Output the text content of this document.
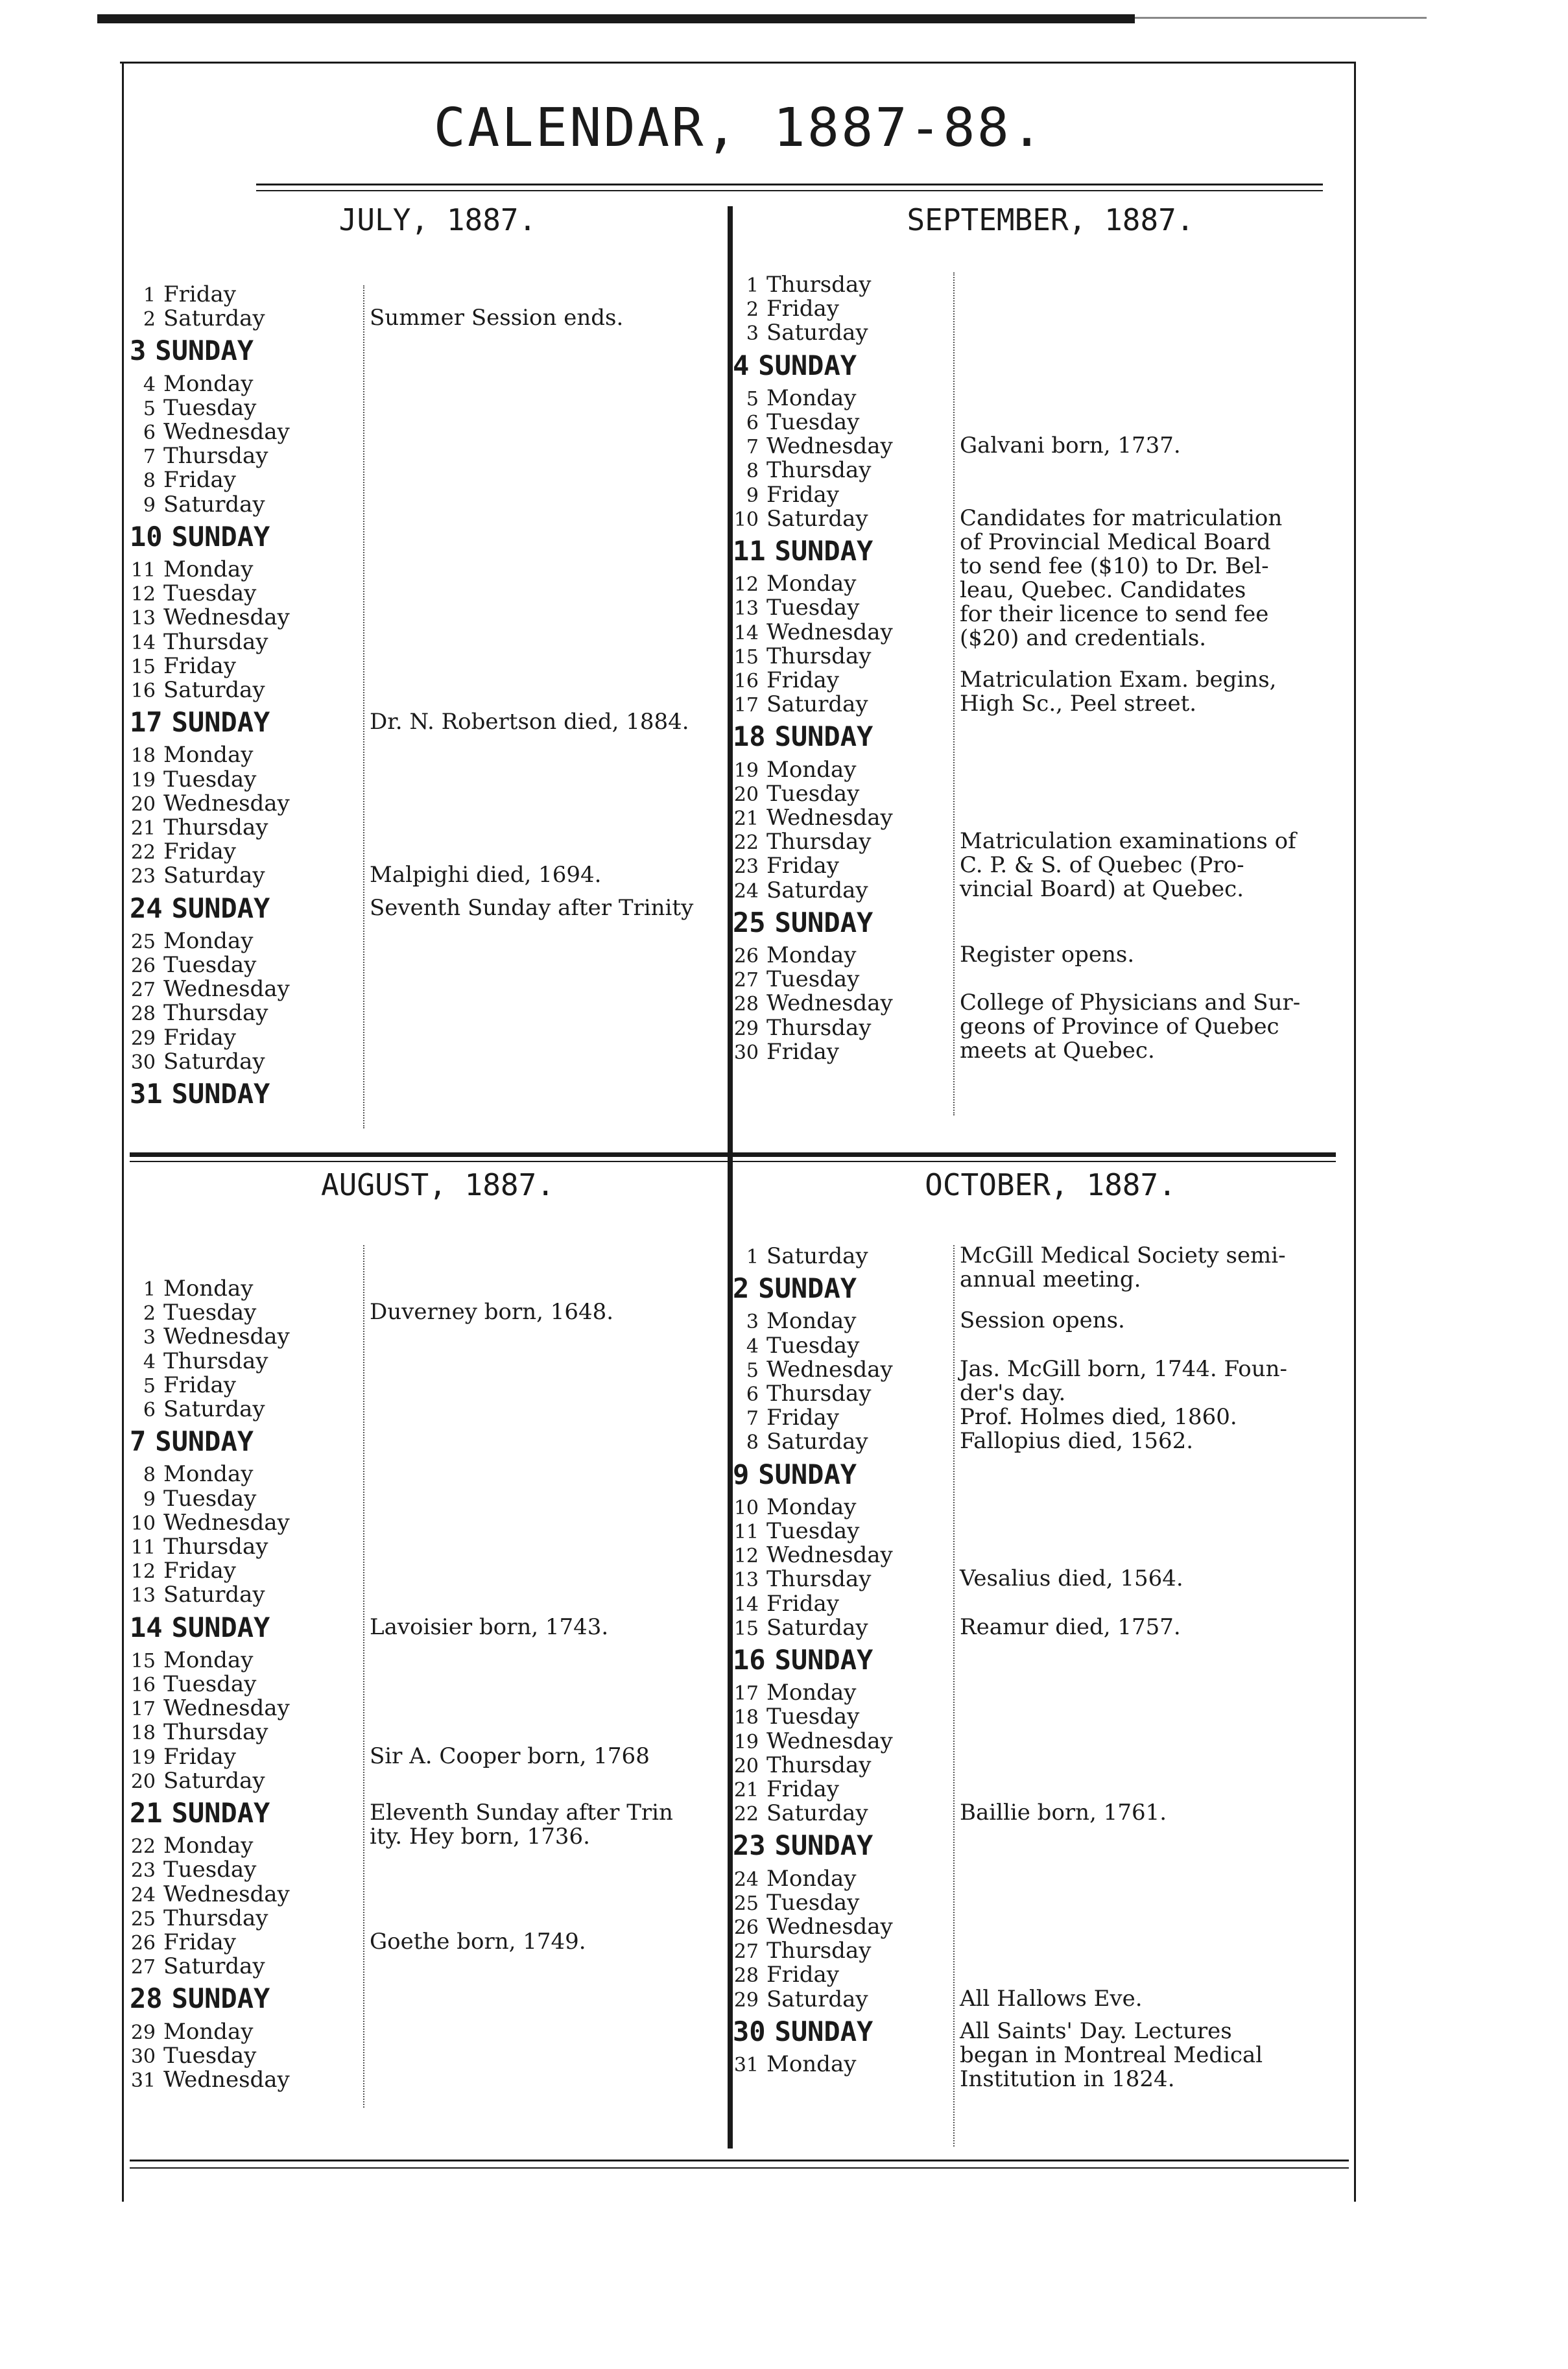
CALENDAR, 1887-88.
JULY, 1887.
1 Friday
2 Saturday
3 SUNDAY
4 Monday
5 Tuesday
6 Wednesday
7 Thursday
8 Friday
9 Saturday
10 SUNDAY
11 Monday
12 Tuesday
13 Wednesday
14 Thursday
15 Friday
16 Saturday
17 SUNDAY
18 Monday
19 Tuesday
20 Wednesday
21 Thursday
22 Friday
23 Saturday
24 SUNDAY
25 Monday
26 Tuesday
27 Wednesday
28 Thursday
29 Friday
30 Saturday
31 SUNDAY
SEPTEMBER, 1887.
1 Thursday
2 Friday
3 Saturday
4 SUNDAY
5 Monday
6 Tuesday
7 Wednesday
8 Thursday
9 Friday
10 Saturday
11 SUNDAY
12 Monday
13 Tuesday
14 Wednesday
15 Thursday
16 Friday
17 Saturday
18 SUNDAY
19 Monday
20 Tuesday
21 Wednesday
22 Thursday
23 Friday
24 Saturday
25 SUNDAY
26 Monday
27 Tuesday
28 Wednesday
29 Thursday
30 Friday
AUGUST, 1887.
1 Monday
2 Tuesday
3 Wednesday
4 Thursday
5 Friday
6 Saturday
7 SUNDAY
8 Monday
9 Tuesday
10 Wednesday
11 Thursday
12 Friday
13 Saturday
14 SUNDAY
15 Monday
16 Tuesday
17 Wednesday
18 Thursday
19 Friday
20 Saturday
21 SUNDAY
22 Monday
23 Tuesday
24 Wednesday
25 Thursday
26 Friday
27 Saturday
28 SUNDAY
29 Monday
30 Tuesday
31 Wednesday
OCTOBER, 1887.
1 Saturday
2 SUNDAY
3 Monday
4 Tuesday
5 Wednesday
6 Thursday
7 Friday
8 Saturday
9 SUNDAY
10 Monday
11 Tuesday
12 Wednesday
13 Thursday
14 Friday
15 Saturday
16 SUNDAY
17 Monday
18 Tuesday
19 Wednesday
20 Thursday
21 Friday
22 Saturday
23 SUNDAY
24 Monday
25 Tuesday
26 Wednesday
27 Thursday
28 Friday
29 Saturday
30 SUNDAY
31 Monday
Summer Session ends.
Dr. N. Robertson died, 1884.
Malpighi died, 1694.
Seventh Sunday after Trinity
Galvani born, 1737.
Candidates for matriculation
of Provincial Medical Board
to send fee ($10) to Dr. Bel-
leau, Quebec. Candidates
for their licence to send fee
($20) and credentials.
Matriculation Exam. begins,
High Sc., Peel street.
Matriculation examinations of
C. P. & S. of Quebec (Pro-
vincial Board) at Quebec.
Register opens.
College of Physicians and Sur-
geons of Province of Quebec
meets at Quebec.
Duverney born, 1648.
Lavoisier born, 1743.
Sir A. Cooper born, 1768
Eleventh Sunday after Trin
ity. Hey born, 1736.
Goethe born, 1749.
McGill Medical Society semi-
annual meeting.
Session opens.
Jas. McGill born, 1744. Foun-
der's day.
Prof. Holmes died, 1860.
Fallopius died, 1562.
Vesalius died, 1564.
Reamur died, 1757.
Baillie born, 1761.
All Hallows Eve.
All Saints' Day. Lectures
began in Montreal Medical
Institution in 1824.
